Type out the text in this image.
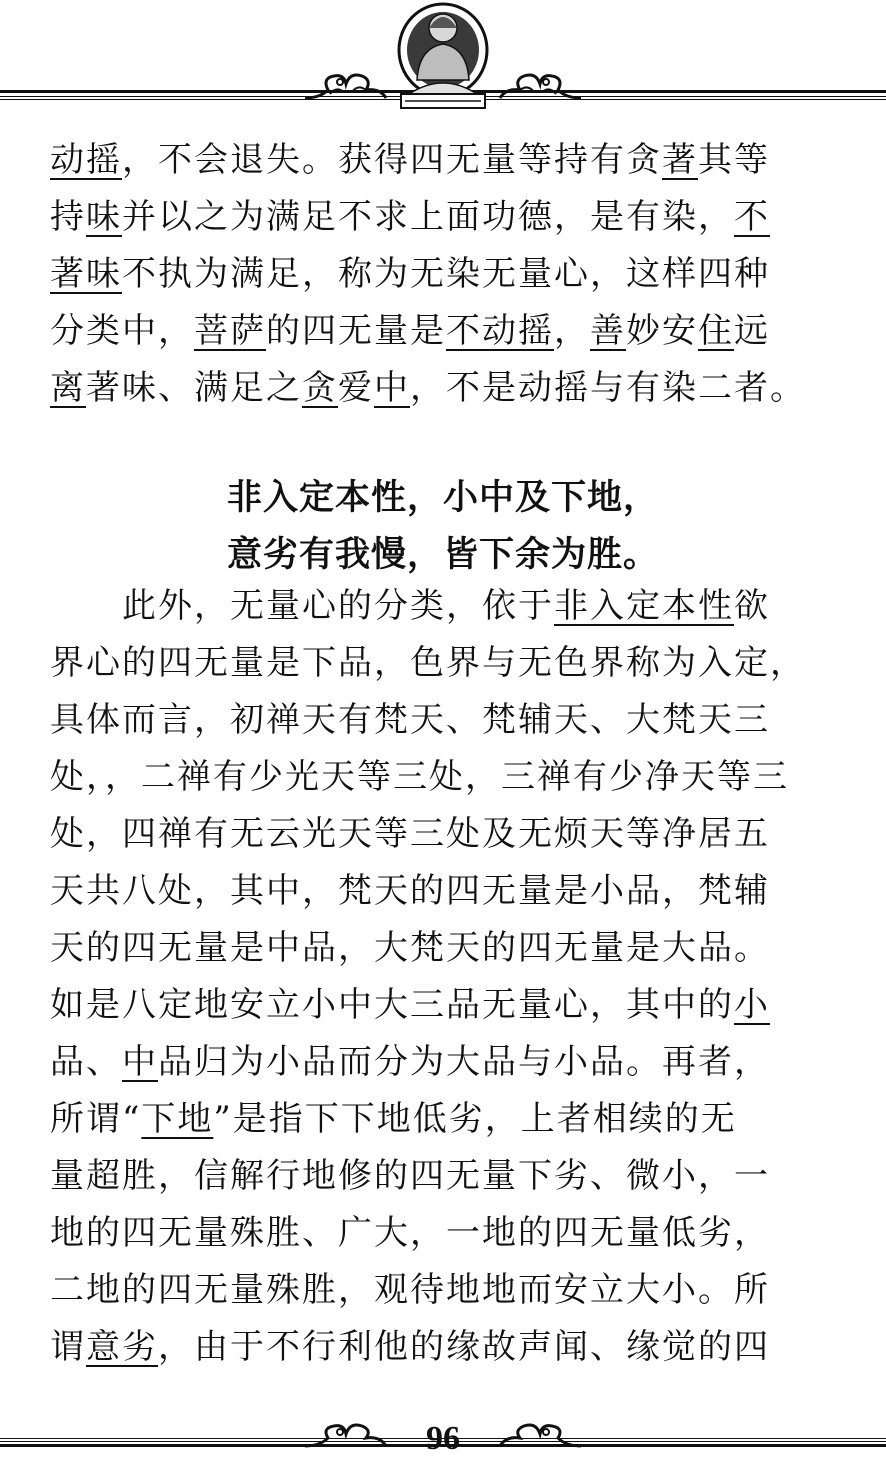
动摇，不会退失。获得四无量等持有贪著其等

持味并以之为满足不求上面功德，是有染，不

著味不执为满足，称为无染无量心，这样四种

分类中，菩萨的四无量是不动摇，善妙安住远

离著味、满足之贪爱中，不是动摇与有染二者。

非入定本性，小中及下地，
意劣有我慢，皆下余为胜。

　　此外，无量心的分类，依于非入定本性欲

界心的四无量是下品，色界与无色界称为入定，

具体而言，初禅天有梵天、梵辅天、大梵天三

处，，二禅有少光天等三处，三禅有少净天等三

处，四禅有无云光天等三处及无烦天等净居五

天共八处，其中，梵天的四无量是小品，梵辅

天的四无量是中品，大梵天的四无量是大品。

如是八定地安立小中大三品无量心，其中的小

品、中品归为小品而分为大品与小品。再者，

所谓“下地”是指下下地低劣，上者相续的无

量超胜，信解行地修的四无量下劣、微小，一

地的四无量殊胜、广大，一地的四无量低劣，

二地的四无量殊胜，观待地地而安立大小。所

谓意劣，由于不行利他的缘故声闻、缘觉的四

96
